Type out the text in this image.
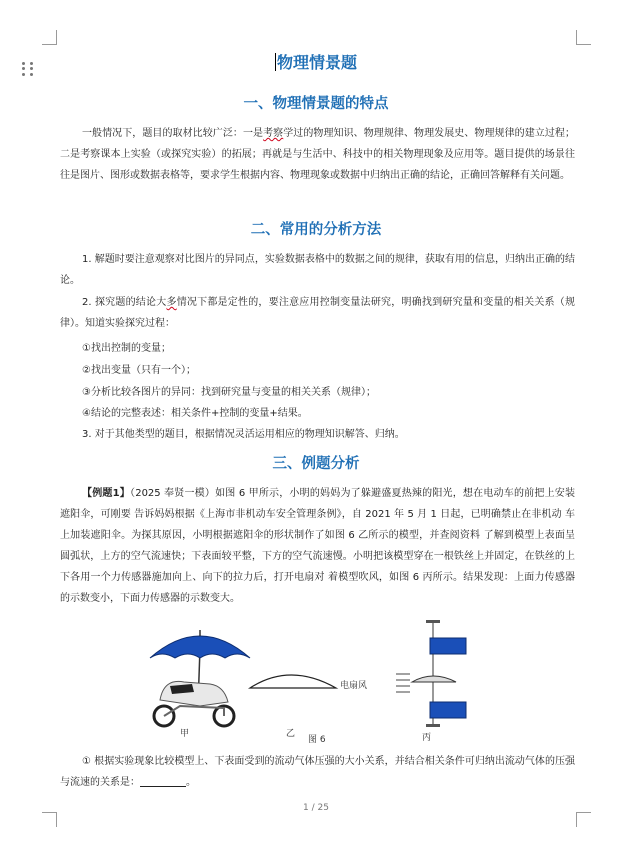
物理情景题
一、物理情景题的特点
一般情况下，题目的取材比较广泛：一是考察学过的物理知识、物理规律、物理发展史、物理规律的建立过程；二是考察课本上实验（或探究实验）的拓展；再就是与生活中、科技中的相关物理现象及应用等。题目提供的场景往往是图片、图形或数据表格等，要求学生根据内容、物理现象或数据中归纳出正确的结论，正确回答解释有关问题。
二、常用的分析方法
1. 解题时要注意观察对比图片的异同点，实验数据表格中的数据之间的规律，获取有用的信息，归纳出正确的结论。
2. 探究题的结论大多情况下都是定性的，要注意应用控制变量法研究，明确找到研究量和变量的相关关系（规律）。知道实验探究过程：
①找出控制的变量；
②找出变量（只有一个）；
③分析比较各图片的异同：找到研究量与变量的相关关系（规律）；
④结论的完整表述：相关条件+控制的变量+结果。
3. 对于其他类型的题目，根据情况灵活运用相应的物理知识解答、归纳。
三、例题分析
【例题1】（2025 奉贤一模）如图 6 甲所示，小明的妈妈为了躲避盛夏热辣的阳光，想在电动车的前把上安装遮阳伞，可刚要 告诉妈妈根据《上海市非机动车安全管理条例》，自 2021 年 5 月 1 日起，已明确禁止在非机动 车上加装遮阳伞。为探其原因，小明根据遮阳伞的形状制作了如图 6 乙所示的模型，并查阅资料 了解到模型上表面呈圆弧状，上方的空气流速快；下表面较平整，下方的空气流速慢。小明把该模型穿在一根铁丝上并固定，在铁丝的上下各用一个力传感器施加向上、向下的拉力后，打开电扇对 着模型吹风，如图 6 丙所示。结果发现：上面力传感器的示数变小，下面力传感器的示数变大。
甲	乙
图 6	丙
电扇风
① 根据实验现象比较模型上、下表面受到的流动气体压强的大小关系，并结合相关条件可归纳出流动气体的压强与流速的关系是：	。
1 / 25
